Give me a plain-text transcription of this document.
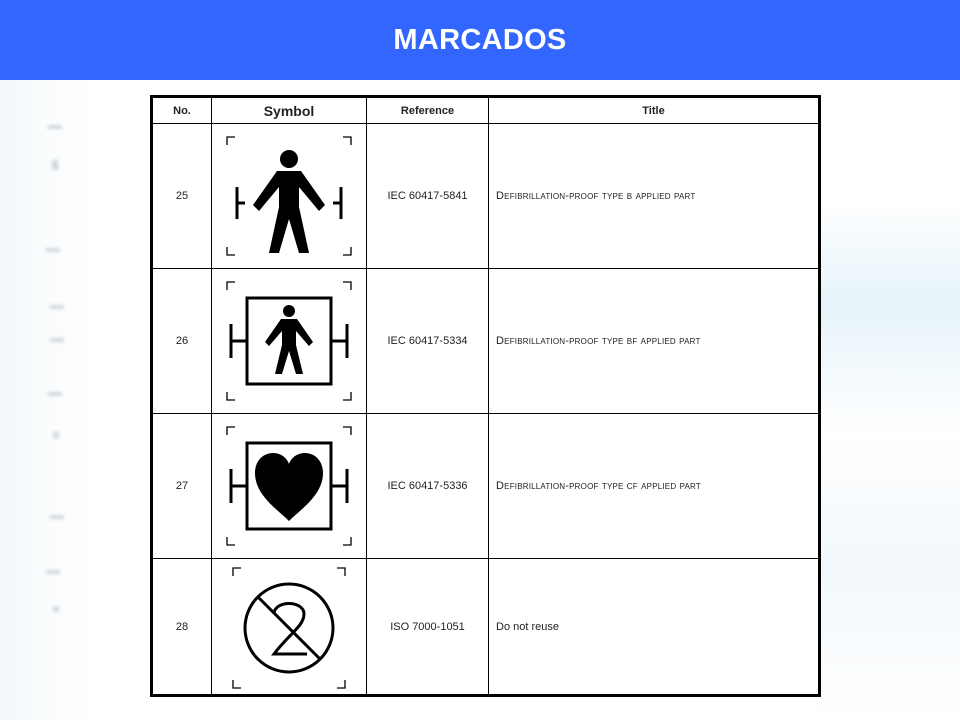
MARCADOS
No.	Symbol	Reference	Title
25		IEC 60417-5841	Defibrillation-proof type b applied part
26		IEC 60417-5334	Defibrillation-proof type bf applied part
27		IEC 60417-5336	Defibrillation-proof type cf applied part
28		ISO 7000-1051	Do not reuse
